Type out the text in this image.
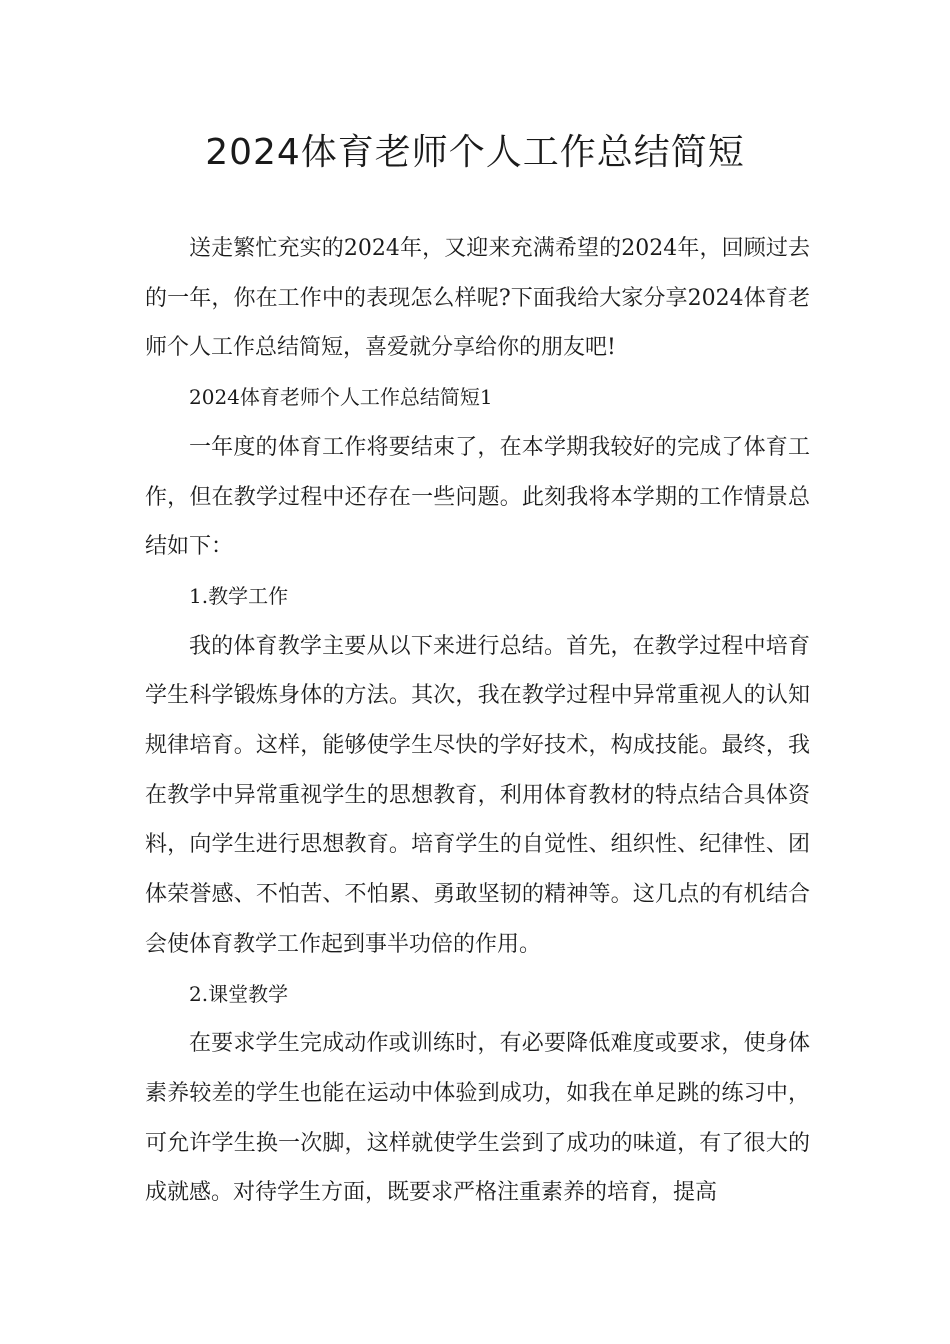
2024体育老师个人工作总结简短

送走繁忙充实的2024年，又迎来充满希望的2024年，回顾过去的一年，你在工作中的表现怎么样呢?下面我给大家分享2024体育老师个人工作总结简短，喜爱就分享给你的朋友吧!

2024体育老师个人工作总结简短1

一年度的体育工作将要结束了，在本学期我较好的完成了体育工作，但在教学过程中还存在一些问题。此刻我将本学期的工作情景总结如下：

1.教学工作

我的体育教学主要从以下来进行总结。首先，在教学过程中培育学生科学锻炼身体的方法。其次，我在教学过程中异常重视人的认知规律培育。这样，能够使学生尽快的学好技术，构成技能。最终，我在教学中异常重视学生的思想教育，利用体育教材的特点结合具体资料，向学生进行思想教育。培育学生的自觉性、组织性、纪律性、团体荣誉感、不怕苦、不怕累、勇敢坚韧的精神等。这几点的有机结合会使体育教学工作起到事半功倍的作用。

2.课堂教学

在要求学生完成动作或训练时，有必要降低难度或要求，使身体素养较差的学生也能在运动中体验到成功，如我在单足跳的练习中，可允许学生换一次脚，这样就使学生尝到了成功的味道，有了很大的成就感。对待学生方面，既要求严格注重素养的培育，提高
